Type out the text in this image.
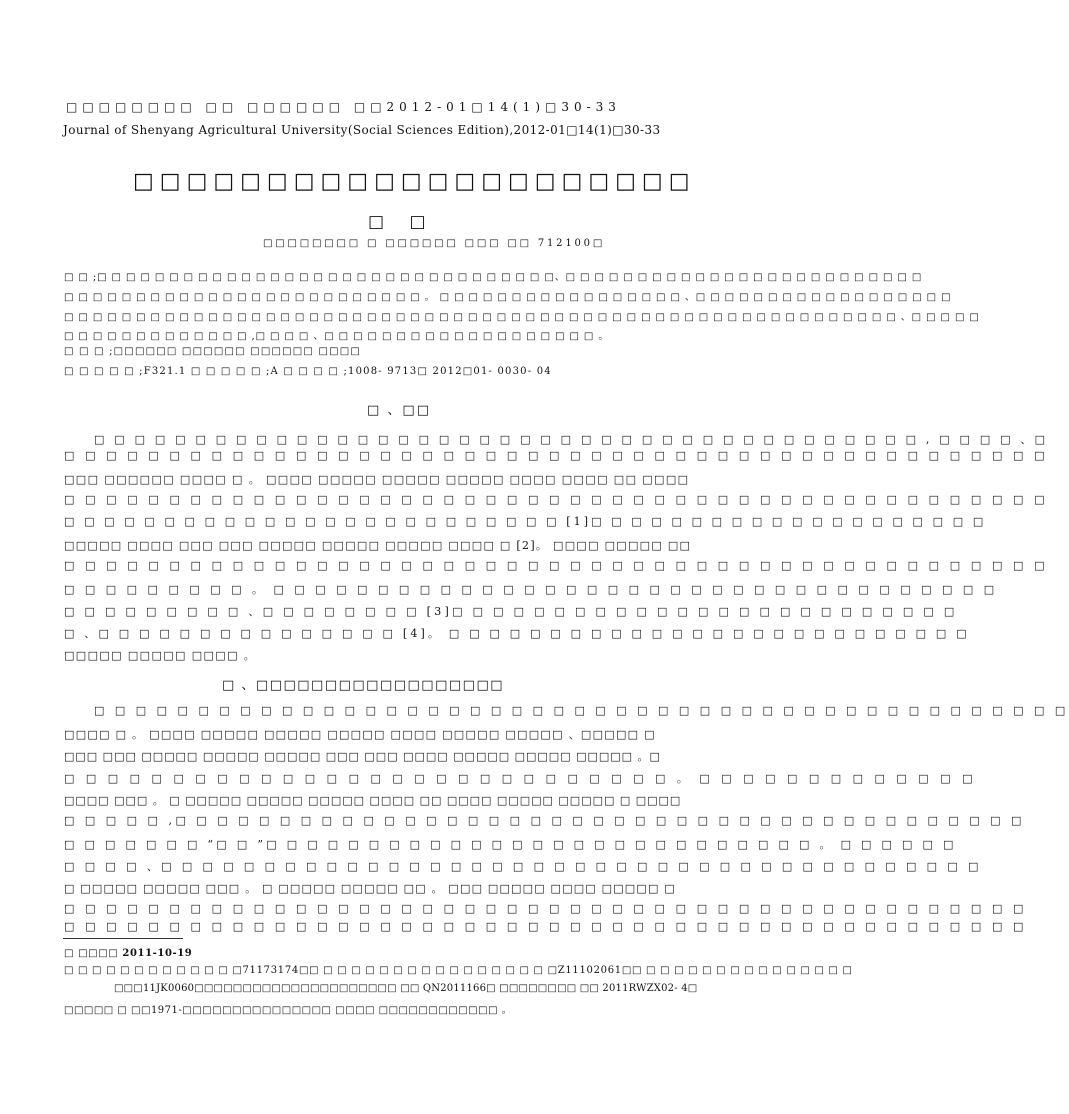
□□□□□□□□ □□ □□□□□□ □□2012-01□14(1)□30-33
Journal of Shenyang Agricultural University(Social Sciences Edition),2012-01□14(1)□30-33
□□□□□□□□□□□□□□□□□□□□□
□ □
□□□□□□□□ □ □□□□□□ □□□ □□ 712100□
□ □ ;□ □ □ □ □ □ □ □ □ □ □ □ □ □ □ □ □ □ □ □ □ □ □ □ □ □ □ □ □ □ □ □、□ □ □ □ □ □ □ □ □ □ □ □ □ □ □ □ □ □ □ □ □ □ □ □ □
□ □ □ □ □ □ □ □ □ □ □ □ □ □ □ □ □ □ □ □ □ □ □ □ □ 。 □ □ □ □ □ □ □ □ □ □ □ □ □ □ □ □ □ 、□ □ □ □ □ □ □ □ □ □ □ □ □ □ □ □ □ □
□ □ □ □ □ □ □ □ □ □ □ □ □ □ □ □ □ □ □ □ □ □ □ □ □ □ □ □ □ □ □ □ □ □ □ □ □ □ □ □ □ □ □ □ □ □ □ □ □ □ □ □ □ □ □ □ □ □ 、□ □ □ □ □
□ □ □ □ □ □ □ □ □ □ □ □ □ ,□ □ □ □ 、□ □ □ □ □ □ □ □ □ □ □ □ □ □ □ □ □ □ □ 。
□ □ □ ;□□□□□□ □□□□□□ □□□□□□ □□□□
□ □ □ □ □ ;F321.1 □ □ □ □ □ ;A □ □ □ □ ;1008- 9713□ 2012□01- 0030- 04
□ 、□□
□ □ □ □ □ □ □ □ □ □ □ □ □ □ □ □ □ □ □ □ □ □ □ □ □ □ □ □ □ □ □ □ □ □ □ □ □ □ □ □ □ , □ □ □ □ 、□
□ □ □ □ □ □ □ □ □ □ □ □ □ □ □ □ □ □ □ □ □ □ □ □ □ □ □ □ □ □ □ □ □ □ □ □ □ □ □ □ □ □ □ □ □ □ □
□□□ □□□□□□ □□□□ □ 。 □□□□ □□□□□ □□□□□ □□□□□ □□□□ □□□□ □□ □□□□
□ □ □ □ □ □ □ □ □ □ □ □ □ □ □ □ □ □ □ □ □ □ □ □ □ □ □ □ □ □ □ □ □ □ □ □ □ □ □ □ □ □ □ □ □ □ □
□ □ □ □ □ □ □ □ □ □ □ □ □ □ □ □ □ □ □ □ □ □ □ □ □ [1]□ □ □ □ □ □ □ □ □ □ □ □ □ □ □ □ □ □ □ □
□□□□□ □□□□ □□□ □□□ □□□□□ □□□□□ □□□□□ □□□□ □ [2]。 □□□□ □□□□□ □□
□ □ □ □ □ □ □ □ □ □ □ □ □ □ □ □ □ □ □ □ □ □ □ □ □ □ □ □ □ □ □ □ □ □ □ □ □ □ □ □ □ □ □ □ □ □ □
□ □ □ □ □ □ □ □ □ 。 □ □ □ □ □ □ □ □ □ □ □ □ □ □ □ □ □ □ □ □ □ □ □ □ □ □ □ □ □ □ □ □ □ □ □
□ □ □ □ □ □ □ □ □ 、□ □ □ □ □ □ □ □ [3]□ □ □ □ □ □ □ □ □ □ □ □ □ □ □ □ □ □ □ □ □ □ □ □ □
□ 、□ □ □ □ □ □ □ □ □ □ □ □ □ □ □ [4]。 □ □ □ □ □ □ □ □ □ □ □ □ □ □ □ □ □ □ □ □ □ □ □ □ □ □
□□□□□ □□□□□ □□□□ 。
□ 、□□□□□□□□□□□□□□□□□□
□ □ □ □ □ □ □ □ □ □ □ □ □ □ □ □ □ □ □ □ □ □ □ □ □ □ □ □ □ □ □ □ □ □ □ □ □ □ □ □ □ □ □ □ □ □ □
□□□□ □ 。 □□□□ □□□□□ □□□□□ □□□□□ □□□□ □□□□□ □□□□□ 、□□□□□ □
□□□ □□□ □□□□□ □□□□□ □□□□□ □□□ □□□ □□□□ □□□□□ □□□□□ □□□□□ 。□
□ □ □ □ □ □ □ □ □ □ □ □ □ □ □ □ □ □ □ □ □ □ □ □ □ □ □ □ 。 □ □ □ □ □ □ □ □ □ □ □ □ □
□□□□ □□□ 。 □ □□□□□ □□□□□ □□□□□ □□□□ □□ □□□□ □□□□□ □□□□□ □ □□□□
□ □ □ □ □ ,□ □ □ □ □ □ □ □ □ □ □ □ □ □ □ □ □ □ □ □ □ □ □ □ □ □ □ □ □ □ □ □ □ □ □ □ □ □ □ □ □
□ □ □ □ □ □ □ “□ □ ”□ □ □ □ □ □ □ □ □ □ □ □ □ □ □ □ □ □ □ □ □ □ □ □ □ □ □ 。 □ □ □ □ □ □
□ □ □ □ 、□ □ □ □ □ □ □ □ □ □ □ □ □ □ □ □ □ □ □ □ □ □ □ □ □ □ □ □ □ □ □ □ □ □ □ □ □ □ □ □
□ □□□□□ □□□□□ □□□ 。 □ □□□□□ □□□□□ □□ 。 □□□ □□□□□ □□□□ □□□□□ □
□ □ □ □ □ □ □ □ □ □ □ □ □ □ □ □ □ □ □ □ □ □ □ □ □ □ □ □ □ □ □ □ □ □ □ □ □ □ □ □ □ □ □ □ □ □
□ □ □ □ □ □ □ □ □ □ □ □ □ □ □ □ □ □ □ □ □ □ □ □ □ □ □ □ □ □ □ □ □ □ □ □ □ □ □ □ □ □ □ □ □ □
□ □□□□ 2011-10-19
□ □ □ □ □ □ □ □ □ □ □ □ □71173174□□ □ □ □ □ □ □ □ □ □ □ □ □ □ □ □ □ □Z11102061□□ □ □ □ □ □ □ □ □ □ □ □ □ □ □ □
□□□11JK0060□□□□□□□□□□□□□□□□□□□□□ □□ QN2011166□ □□□□□□□□ □□ 2011RWZX02- 4□
□□□□□ □ □□1971-□□□□□□□□□□□□□□□ □□□□ □□□□□□□□□□□□ 。
